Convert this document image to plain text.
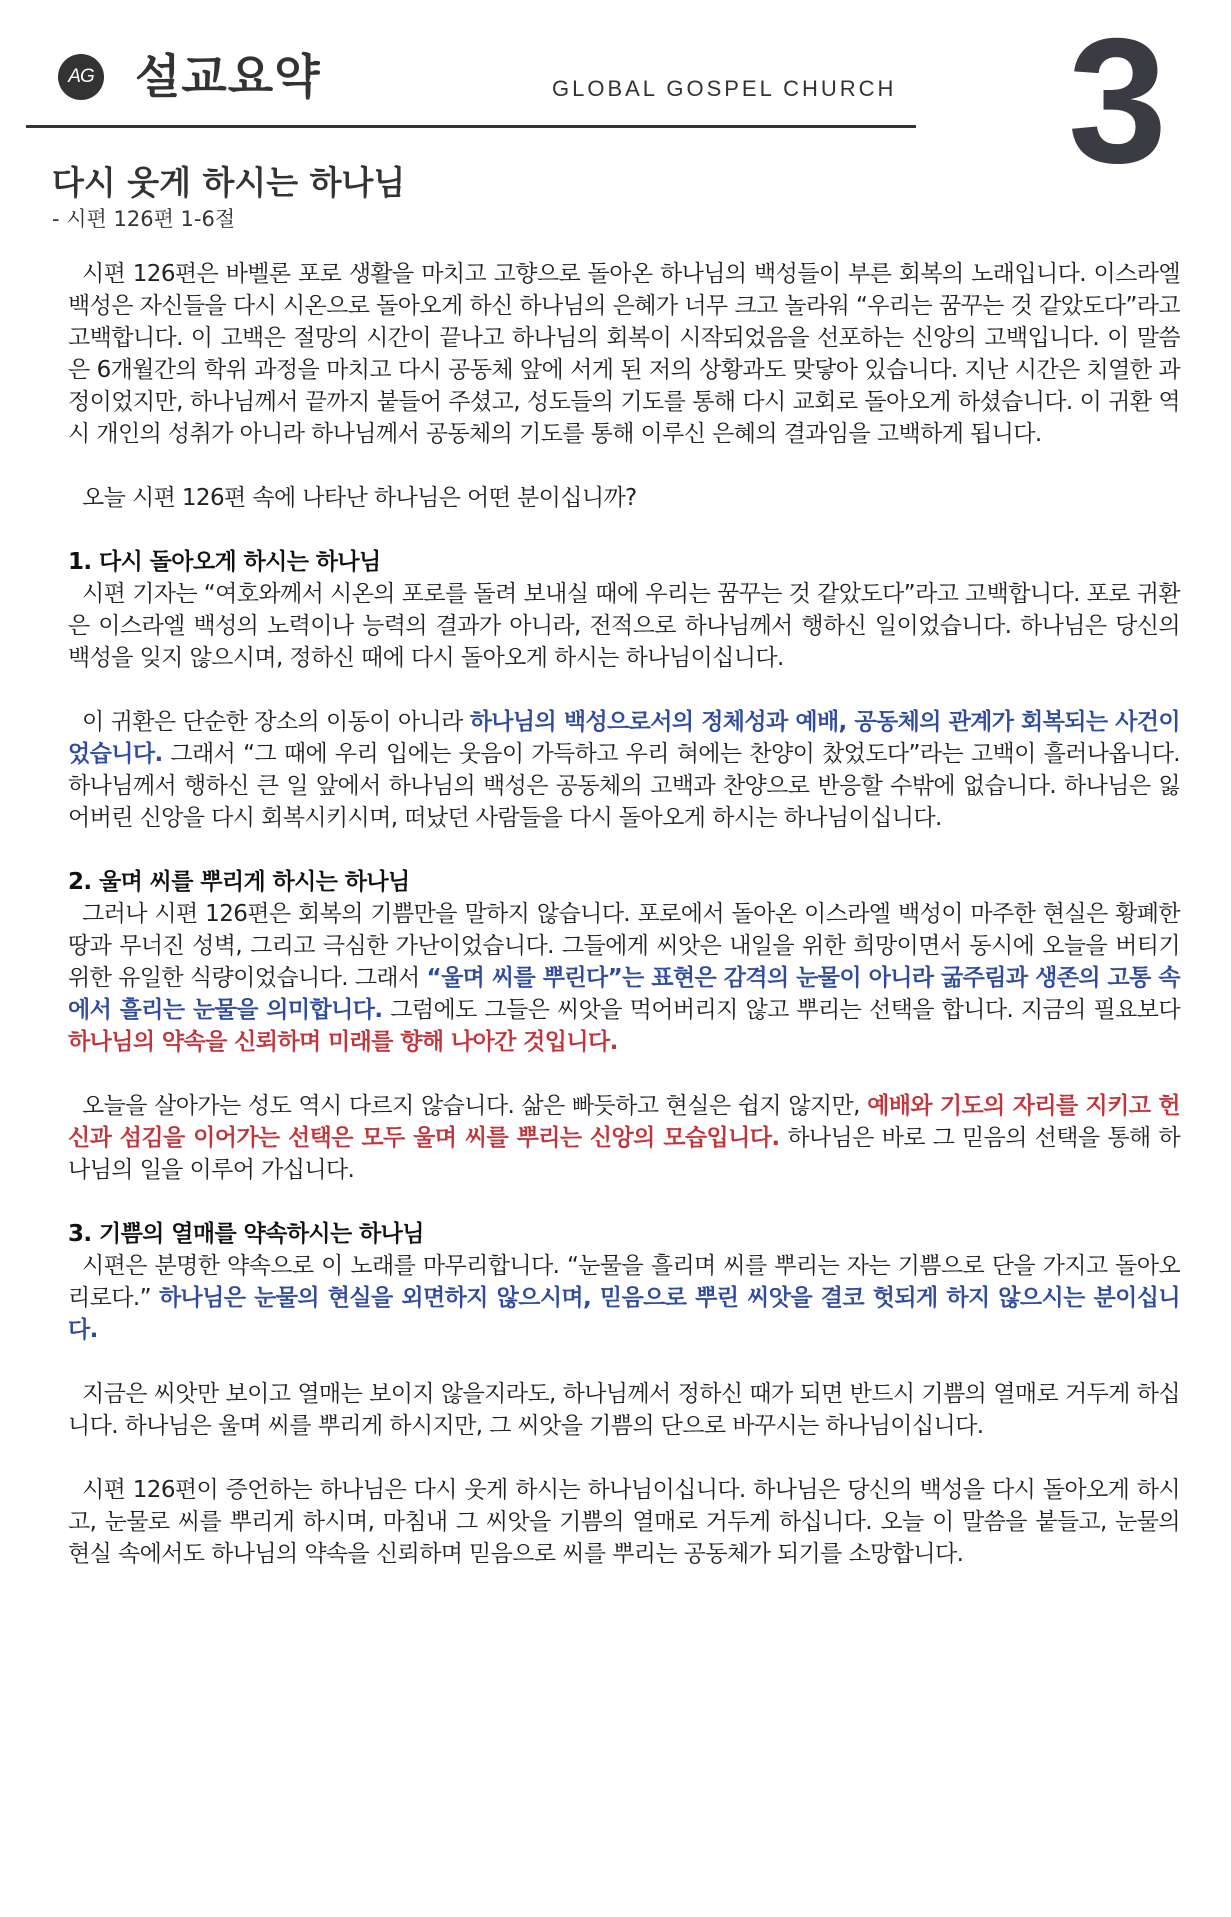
AG 설교요약	GLOBAL GOSPEL CHURCH 3
다시 웃게 하시는 하나님
- 시편 126편 1-6절

시편 126편은 바벨론 포로 생활을 마치고 고향으로 돌아온 하나님의 백성들이 부른 회복의 노래입니다. 이스라엘 백성은 자신들을 다시 시온으로 돌아오게 하신 하나님의 은혜가 너무 크고 놀라워 “우리는 꿈꾸는 것 같았도다”라고 고백합니다. 이 고백은 절망의 시간이 끝나고 하나님의 회복이 시작되었음을 선포하는 신앙의 고백입니다. 이 말씀은 6개월간의 학위 과정을 마치고 다시 공동체 앞에 서게 된 저의 상황과도 맞닿아 있습니다. 지난 시간은 치열한 과정이었지만, 하나님께서 끝까지 붙들어 주셨고, 성도들의 기도를 통해 다시 교회로 돌아오게 하셨습니다. 이 귀환 역시 개인의 성취가 아니라 하나님께서 공동체의 기도를 통해 이루신 은혜의 결과임을 고백하게 됩니다.

오늘 시편 126편 속에 나타난 하나님은 어떤 분이십니까?

1. 다시 돌아오게 하시는 하나님

시편 기자는 “여호와께서 시온의 포로를 돌려 보내실 때에 우리는 꿈꾸는 것 같았도다”라고 고백합니다. 포로 귀환은 이스라엘 백성의 노력이나 능력의 결과가 아니라, 전적으로 하나님께서 행하신 일이었습니다. 하나님은 당신의 백성을 잊지 않으시며, 정하신 때에 다시 돌아오게 하시는 하나님이십니다.

이 귀환은 단순한 장소의 이동이 아니라 하나님의 백성으로서의 정체성과 예배, 공동체의 관계가 회복되는 사건이었습니다. 그래서 “그 때에 우리 입에는 웃음이 가득하고 우리 혀에는 찬양이 찼었도다”라는 고백이 흘러나옵니다. 하나님께서 행하신 큰 일 앞에서 하나님의 백성은 공동체의 고백과 찬양으로 반응할 수밖에 없습니다. 하나님은 잃어버린 신앙을 다시 회복시키시며, 떠났던 사람들을 다시 돌아오게 하시는 하나님이십니다.

2. 울며 씨를 뿌리게 하시는 하나님

그러나 시편 126편은 회복의 기쁨만을 말하지 않습니다. 포로에서 돌아온 이스라엘 백성이 마주한 현실은 황폐한 땅과 무너진 성벽, 그리고 극심한 가난이었습니다. 그들에게 씨앗은 내일을 위한 희망이면서 동시에 오늘을 버티기 위한 유일한 식량이었습니다. 그래서 “울며 씨를 뿌린다”는 표현은 감격의 눈물이 아니라 굶주림과 생존의 고통 속에서 흘리는 눈물을 의미합니다. 그럼에도 그들은 씨앗을 먹어버리지 않고 뿌리는 선택을 합니다. 지금의 필요보다 하나님의 약속을 신뢰하며 미래를 향해 나아간 것입니다.

오늘을 살아가는 성도 역시 다르지 않습니다. 삶은 빠듯하고 현실은 쉽지 않지만, 예배와 기도의 자리를 지키고 헌신과 섬김을 이어가는 선택은 모두 울며 씨를 뿌리는 신앙의 모습입니다. 하나님은 바로 그 믿음의 선택을 통해 하나님의 일을 이루어 가십니다.

3. 기쁨의 열매를 약속하시는 하나님

시편은 분명한 약속으로 이 노래를 마무리합니다. “눈물을 흘리며 씨를 뿌리는 자는 기쁨으로 단을 가지고 돌아오리로다.” 하나님은 눈물의 현실을 외면하지 않으시며, 믿음으로 뿌린 씨앗을 결코 헛되게 하지 않으시는 분이십니다.

지금은 씨앗만 보이고 열매는 보이지 않을지라도, 하나님께서 정하신 때가 되면 반드시 기쁨의 열매로 거두게 하십니다. 하나님은 울며 씨를 뿌리게 하시지만, 그 씨앗을 기쁨의 단으로 바꾸시는 하나님이십니다.

시편 126편이 증언하는 하나님은 다시 웃게 하시는 하나님이십니다. 하나님은 당신의 백성을 다시 돌아오게 하시고, 눈물로 씨를 뿌리게 하시며, 마침내 그 씨앗을 기쁨의 열매로 거두게 하십니다. 오늘 이 말씀을 붙들고, 눈물의 현실 속에서도 하나님의 약속을 신뢰하며 믿음으로 씨를 뿌리는 공동체가 되기를 소망합니다.
